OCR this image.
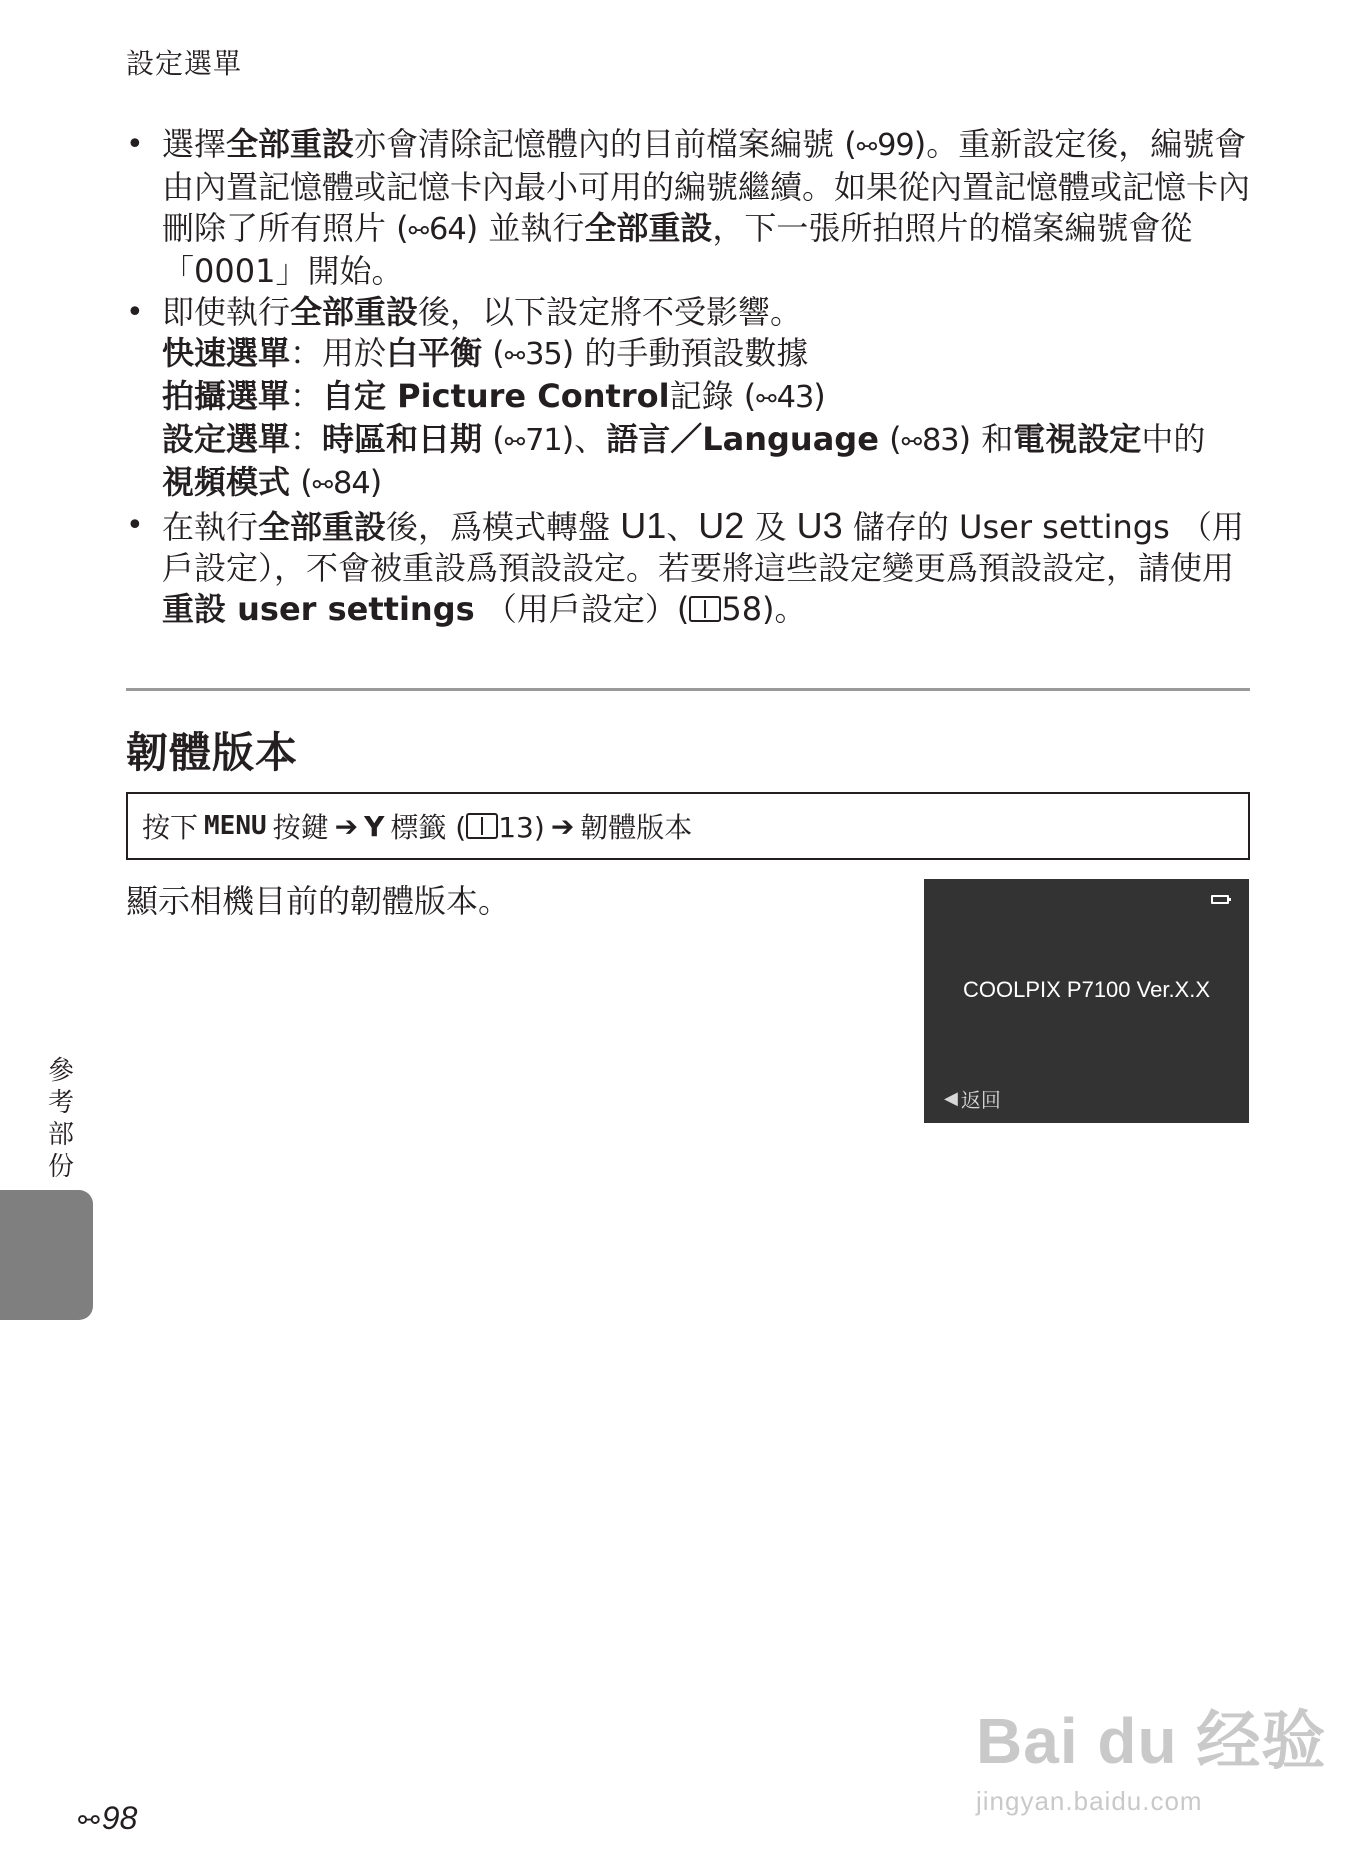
設定選單
• 選擇全部重設亦會清除記憶體內的目前檔案編號 ( ⚯ 99)。重新設定後，編號會由內置記憶體或記憶卡內最小可用的編號繼續。如果從內置記憶體或記憶卡內刪除了所有照片 ( ⚯ 64) 並執行全部重設，下一張所拍照片的檔案編號會從 「0001」開始。
• 即使執行全部重設後，以下設定將不受影響。
快速選單：用於白平衡 ( ⚯ 35) 的手動預設數據
拍攝選單：自定 Picture Control記錄 ( ⚯ 43)
設定選單：時區和日期 ( ⚯ 71)、語言／Language ( ⚯ 83) 和電視設定中的
視頻模式 ( ⚯ 84)
• 在執行全部重設後，爲模式轉盤 U1、U2 及 U3 儲存的 User settings （用戶設定），不會被重設爲預設設定。若要將這些設定變更爲預設設定，請使用重設 user settings （用戶設定）( 58)。
韌體版本
按下 MENU 按鍵 ➔ Y 標籤 ( 13) ➔ 韌體版本
顯示相機目前的韌體版本。
COOLPIX P7100 Ver.X.X
◀ 返回
參考部份
⚯ 98
Bai du 经验
jingyan.baidu.com
